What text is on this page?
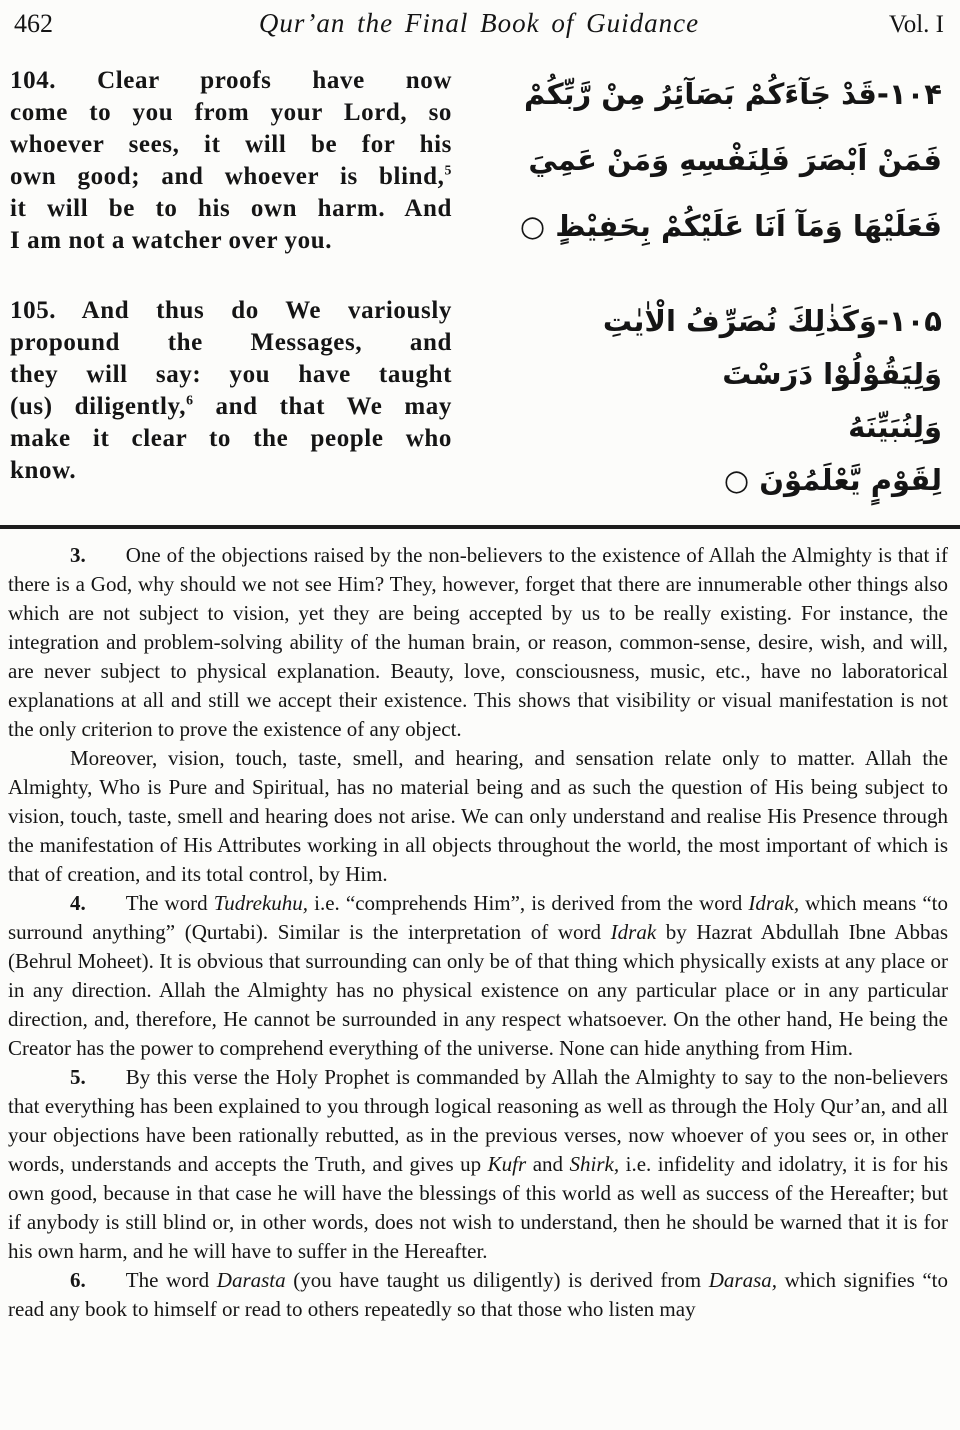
462	Qur’an the Final Book of Guidance	Vol. I
104. Clear proofs have now
come to you from your Lord, so
whoever sees, it will be for his
own good; and whoever is blind,$^5$
it will be to his own harm. And
I am not a watcher over you.
۱۰۴-قَدْ جَآءَكُمْ بَصَآئِرُ مِنْ رَّبِّكُمْ
فَمَنْ اَبْصَرَ فَلِنَفْسِهِ وَمَنْ عَمِيَ
فَعَلَيْهَا وَمَآ اَنَا عَلَيْكُمْ بِحَفِيْظٍ ○
105. And thus do We variously
propound the Messages, and
they will say: you have taught
(us) diligently,$^6$ and that We may
make it clear to the people who
know.
۱۰۵-وَكَذٰلِكَ نُصَرِّفُ الْاٰيٰتِ
وَلِيَقُوْلُوْا دَرَسْتَ
وَلِنُبَيِّنَهُ
لِقَوْمٍ يَّعْلَمُوْنَ ○

3. One of the objections raised by the non-believers to the existence of Allah the Almighty is that if there is a God, why should we not see Him? They, however, forget that there are innumerable other things also which are not subject to vision, yet they are being accepted by us to be really existing. For instance, the integration and problem-solving ability of the human brain, or reason, common-sense, desire, wish, and will, are never subject to physical explanation. Beauty, love, consciousness, music, etc., have no laboratorical explanations at all and still we accept their existence. This shows that visibility or visual manifestation is not the only criterion to prove the existence of any object.

Moreover, vision, touch, taste, smell, and hearing, and sensation relate only to matter. Allah the Almighty, Who is Pure and Spiritual, has no material being and as such the question of His being subject to vision, touch, taste, smell and hearing does not arise. We can only understand and realise His Presence through the manifestation of His Attributes working in all objects throughout the world, the most important of which is that of creation, and its total control, by Him.

4. The word Tudrekuhu, i.e. “comprehends Him”, is derived from the word Idrak, which means “to surround anything” (Qurtabi). Similar is the interpretation of word Idrak by Hazrat Abdullah Ibne Abbas (Behrul Moheet). It is obvious that surrounding can only be of that thing which physically exists at any place or in any direction. Allah the Almighty has no physical existence on any particular place or in any particular direction, and, therefore, He cannot be surrounded in any respect whatsoever. On the other hand, He being the Creator has the power to comprehend everything of the universe. None can hide anything from Him.

5. By this verse the Holy Prophet is commanded by Allah the Almighty to say to the non-believers that everything has been explained to you through logical reasoning as well as through the Holy Qur’an, and all your objections have been rationally rebutted, as in the previous verses, now whoever of you sees or, in other words, understands and accepts the Truth, and gives up Kufr and Shirk, i.e. infidelity and idolatry, it is for his own good, because in that case he will have the blessings of this world as well as success of the Hereafter; but if anybody is still blind or, in other words, does not wish to understand, then he should be warned that it is for his own harm, and he will have to suffer in the Hereafter.

6. The word Darasta (you have taught us diligently) is derived from Darasa, which signifies “to read any book to himself or read to others repeatedly so that those who listen may
